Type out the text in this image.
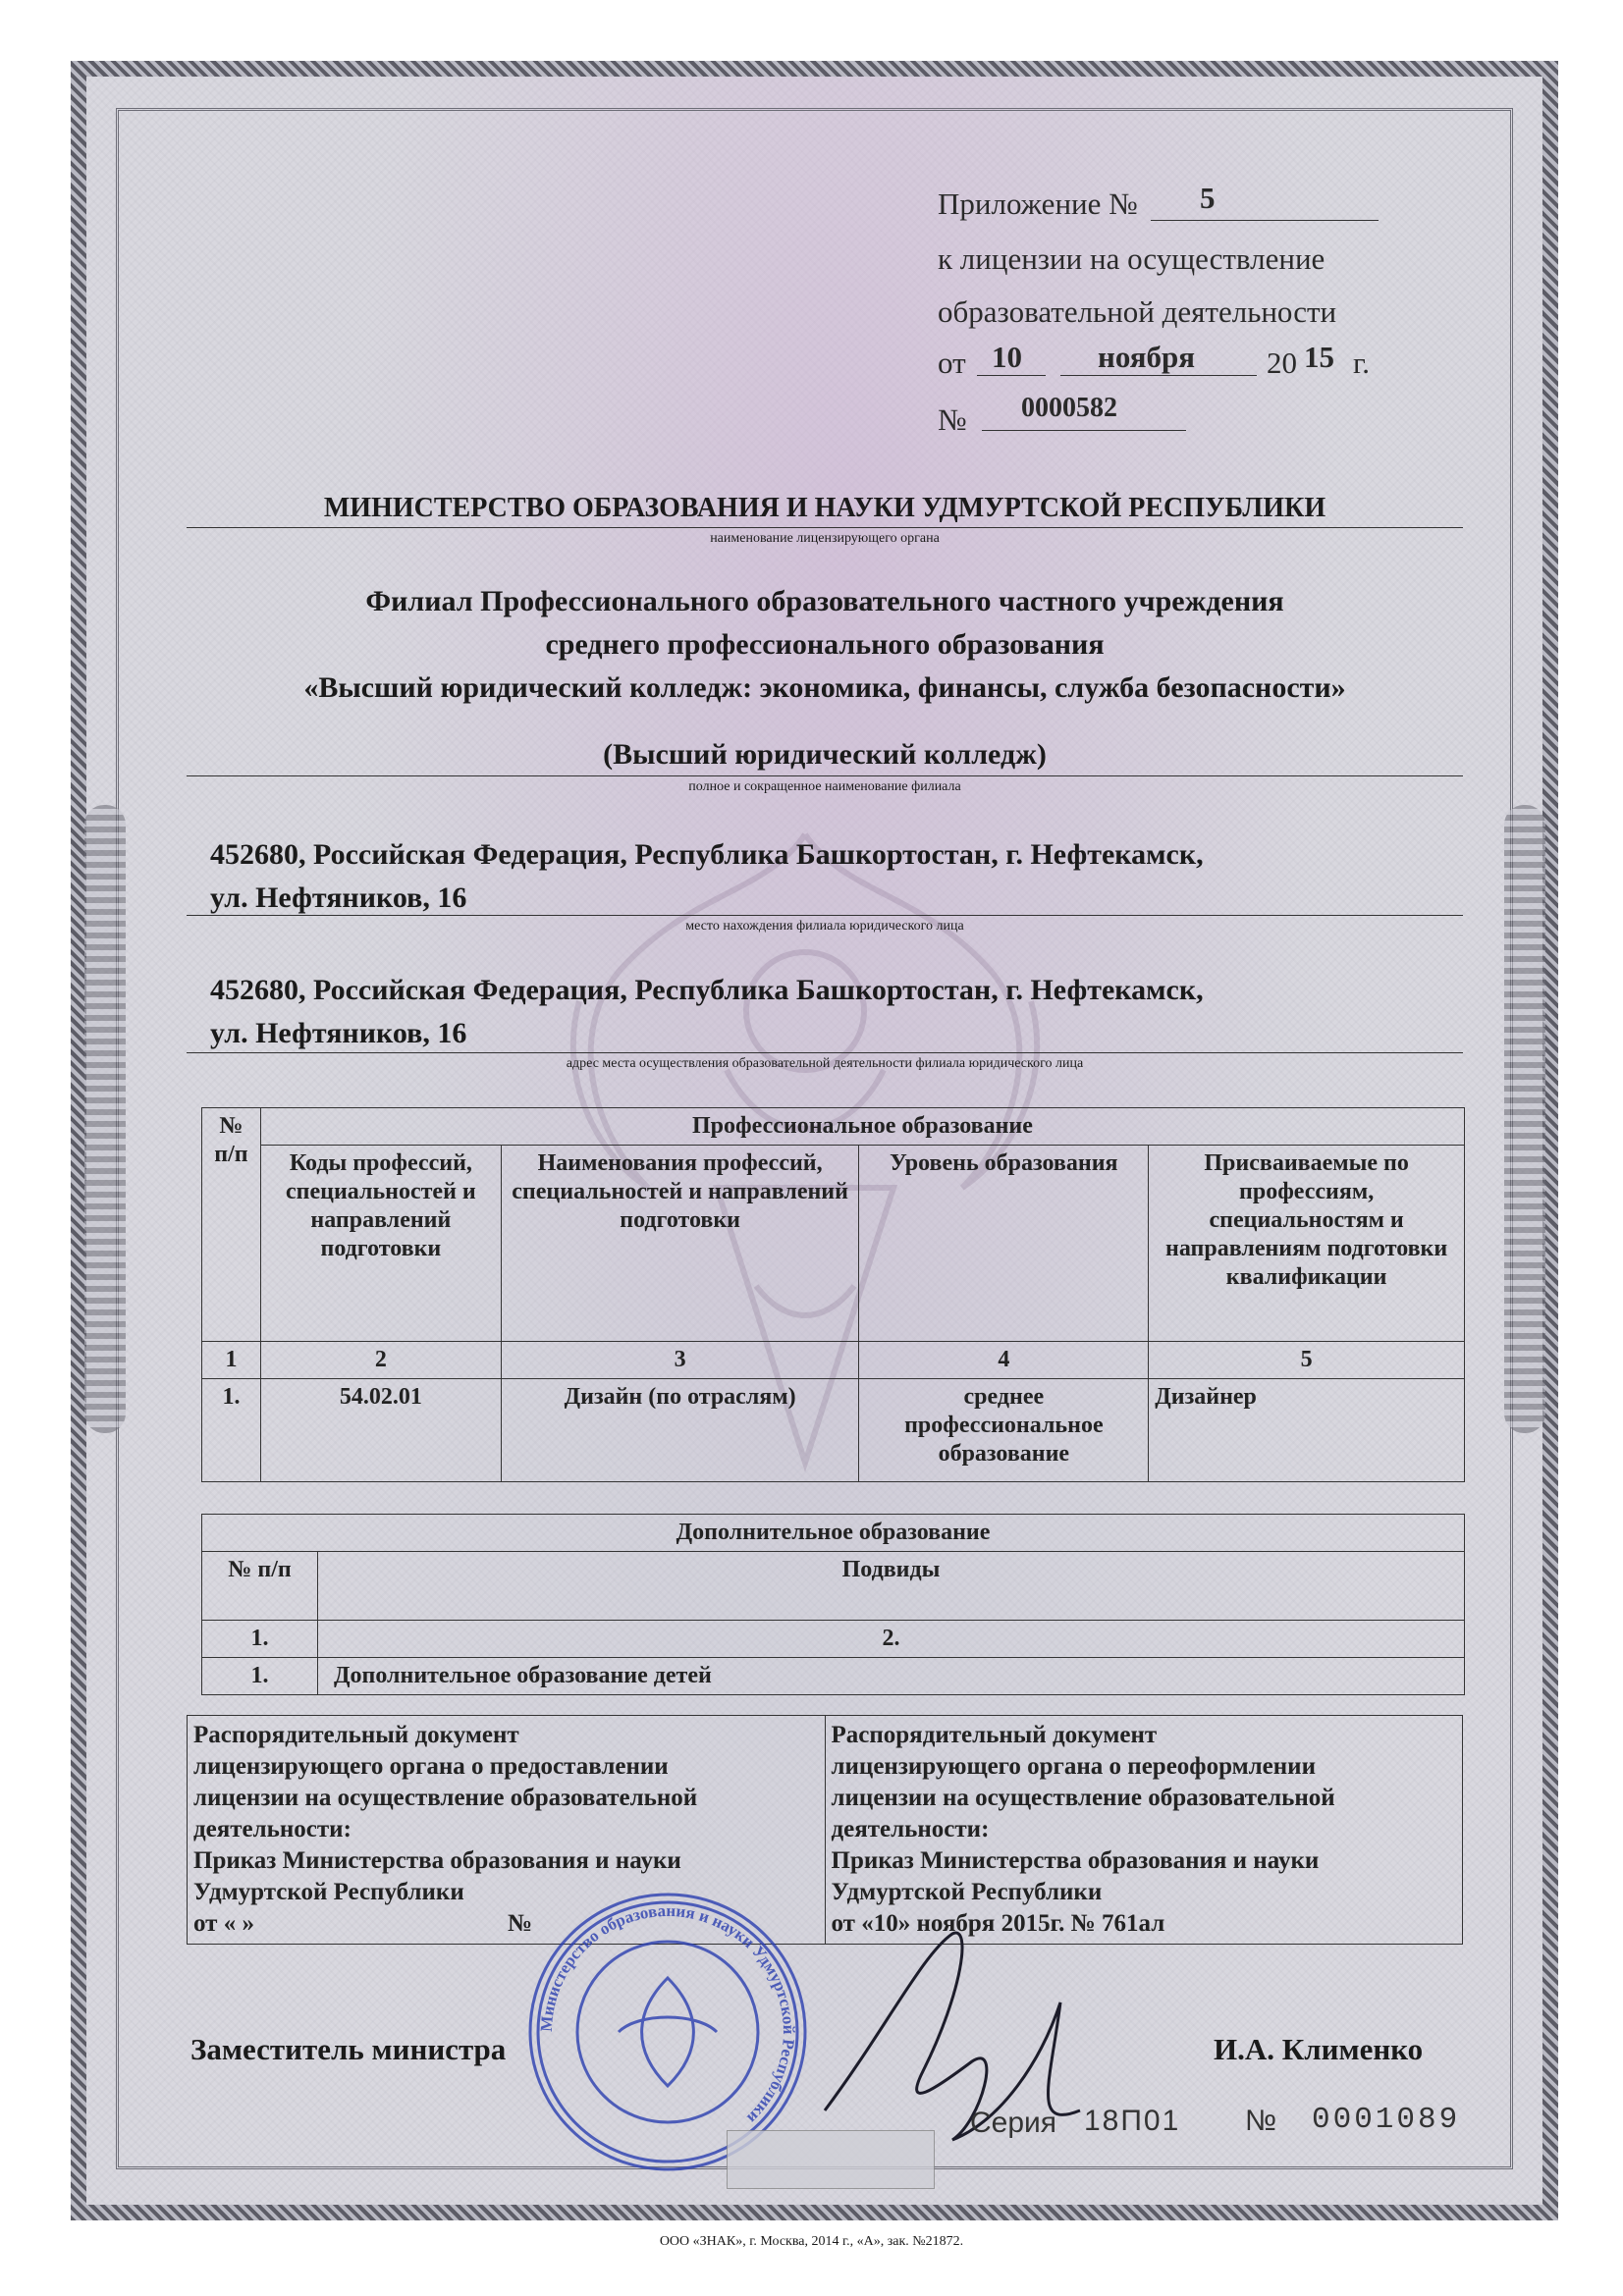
Приложение № 5
к лицензии на осуществление
образовательной деятельности
от 10 ноября 20 15 г.
№ 0000582
МИНИСТЕРСТВО ОБРАЗОВАНИЯ И НАУКИ УДМУРТСКОЙ РЕСПУБЛИКИ
наименование лицензирующего органа
Филиал Профессионального образовательного частного учреждения
среднего профессионального образования
«Высший юридический колледж: экономика, финансы, служба безопасности»
(Высший юридический колледж)
полное и сокращенное наименование филиала
452680, Российская Федерация, Республика Башкортостан, г. Нефтекамск,
ул. Нефтяников, 16
место нахождения филиала юридического лица
452680, Российская Федерация, Республика Башкортостан, г. Нефтекамск,
ул. Нефтяников, 16
адрес места осуществления образовательной деятельности филиала юридического лица
№ п/п	Профессиональное образование			
	Коды профессий, специальностей и направлений подготовки	Наименования профессий, специальностей и направлений подготовки	Уровень образования	Присваиваемые по профессиям, специальностям и направлениям подготовки квалификации
1	2	3	4	5
1.	54.02.01	Дизайн (по отраслям)	среднее профессиональное образование	Дизайнер
Дополнительное образование	
№ п/п	Подвиды
1.	2.
1.	Дополнительное образование детей
Распорядительный документ
лицензирующего органа о предоставлении
лицензии на осуществление образовательной
деятельности:
Приказ Министерства образования и науки
Удмуртской Республики
от « »	№

Распорядительный документ
лицензирующего органа о переоформлении
лицензии на осуществление образовательной
деятельности:
Приказ Министерства образования и науки
Удмуртской Республики
от «10» ноября 2015г. № 761ал
Заместитель министра	И.А. Клименко
Министерство образования и науки Удмуртской Республики	Серия 18П01 № 0001089
ООО «ЗНАК», г. Москва, 2014 г., «А», зак. №21872.
